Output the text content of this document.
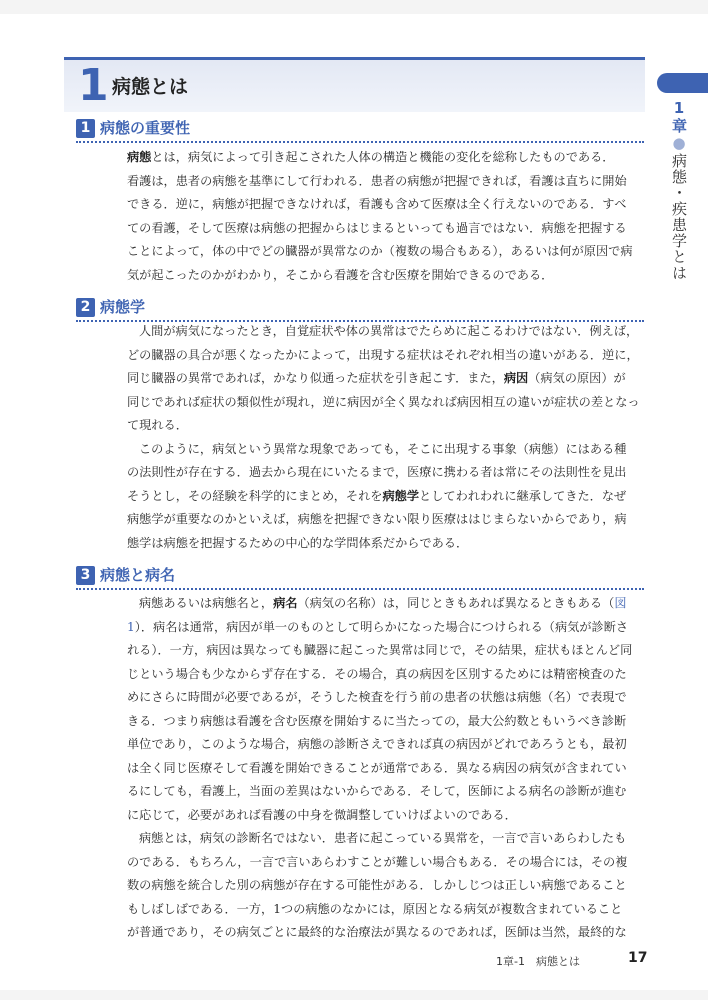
1 病態とは
1章●病態・疾患学とは
1 病態の重要性
病態とは，病気によって引き起こされた人体の構造と機能の変化を総称したものである．
看護は，患者の病態を基準にして行われる．患者の病態が把握できれば，看護は直ちに開始
できる．逆に，病態が把握できなければ，看護も含めて医療は全く行えないのである．すべ
ての看護，そして医療は病態の把握からはじまるといっても過言ではない．病態を把握する
ことによって，体の中でどの臓器が異常なのか（複数の場合もある），あるいは何が原因で病
気が起こったのかがわかり，そこから看護を含む医療を開始できるのである．
2 病態学
人間が病気になったとき，自覚症状や体の異常はでたらめに起こるわけではない．例えば，
どの臓器の具合が悪くなったかによって，出現する症状はそれぞれ相当の違いがある．逆に，
同じ臓器の異常であれば，かなり似通った症状を引き起こす．また，病因（病気の原因）が
同じであれば症状の類似性が現れ，逆に病因が全く異なれば病因相互の違いが症状の差となっ
て現れる．
このように，病気という異常な現象であっても，そこに出現する事象（病態）にはある種
の法則性が存在する．過去から現在にいたるまで，医療に携わる者は常にその法則性を見出
そうとし，その経験を科学的にまとめ，それを病態学としてわれわれに継承してきた．なぜ
病態学が重要なのかといえば，病態を把握できない限り医療ははじまらないからであり，病
態学は病態を把握するための中心的な学問体系だからである．
3 病態と病名
病態あるいは病態名と，病名（病気の名称）は，同じときもあれば異なるときもある（図
1）．病名は通常，病因が単一のものとして明らかになった場合につけられる（病気が診断さ
れる）．一方，病因は異なっても臓器に起こった異常は同じで，その結果，症状もほとんど同
じという場合も少なからず存在する．その場合，真の病因を区別するためには精密検査のた
めにさらに時間が必要であるが，そうした検査を行う前の患者の状態は病態（名）で表現で
きる．つまり病態は看護を含む医療を開始するに当たっての，最大公約数ともいうべき診断
単位であり，このような場合，病態の診断さえできれば真の病因がどれであろうとも，最初
は全く同じ医療そして看護を開始できることが通常である．異なる病因の病気が含まれてい
るにしても，看護上，当面の差異はないからである．そして，医師による病名の診断が進む
に応じて，必要があれば看護の中身を微調整していけばよいのである．
病態とは，病気の診断名ではない．患者に起こっている異常を，一言で言いあらわしたも
のである．もちろん，一言で言いあらわすことが難しい場合もある．その場合には，その複
数の病態を統合した別の病態が存在する可能性がある．しかしじつは正しい病態であること
もしばしばである．一方，1つの病態のなかには，原因となる病気が複数含まれていること
が普通であり，その病気ごとに最終的な治療法が異なるのであれば，医師は当然，最終的な
1章-1　病態とは	17
